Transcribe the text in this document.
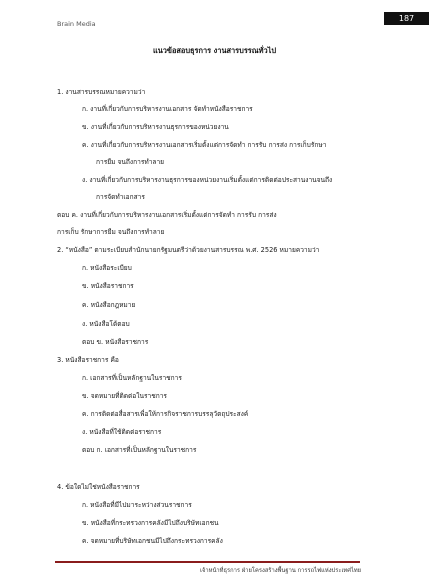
Brain Media
187
แนวข้อสอบธุรการ งานสารบรรณทั่วไป
1. งานสารบรรณหมายความว่า
ก. งานที่เกี่ยวกับการบริหารงานเอกสาร จัดทำหนังสือราชการ
ข. งานที่เกี่ยวกับการบริหารงานธุรการของหน่วยงาน
ค. งานที่เกี่ยวกับการบริหารงานเอกสารเริ่มตั้งแต่การจัดทำ การรับ การส่ง การเก็บรักษา
การยืม จนถึงการทำลาย
ง. งานที่เกี่ยวกับการบริหารงานธุรการของหน่วยงานเริ่มตั้งแต่การติดต่อประสานงานจนถึง
การจัดทำเอกสาร
ตอบ ค. งานที่เกี่ยวกับการบริหารงานเอกสารเริ่มตั้งแต่การจัดทำ การรับ การส่ง
การเก็บ รักษาการยืม จนถึงการทำลาย
2. “หนังสือ” ตามระเบียบสำนักนายกรัฐมนตรีว่าด้วยงานสารบรรณ พ.ศ. 2526 หมายความว่า
ก. หนังสือระเบียบ
ข. หนังสือราชการ
ค. หนังสือกฎหมาย
ง. หนังสือโต้ตอบ
ตอบ ข. หนังสือราชการ
3. หนังสือราชการ คือ
ก. เอกสารที่เป็นหลักฐานในราชการ
ข. จดหมายที่ติดต่อในราชการ
ค. การติดต่อสื่อสารเพื่อให้การกิจราชการบรรลุวัตถุประสงค์
ง. หนังสือที่ใช้ติดต่อราชการ
ตอบ ก. เอกสารที่เป็นหลักฐานในราชการ
4. ข้อใดไม่ใช่หนังสือราชการ
ก. หนังสือที่มีไปมาระหว่างส่วนราชการ
ข. หนังสือที่กระทรวงการคลังมีไปถึงบริษัทเอกชน
ค. จดหมายที่บริษัทเอกชนมีไปถึงกระทรวงการคลัง
เจ้าหน้าที่ธุรการ ฝ่ายโครงสร้างพื้นฐาน การรถไฟแห่งประเทศไทย
